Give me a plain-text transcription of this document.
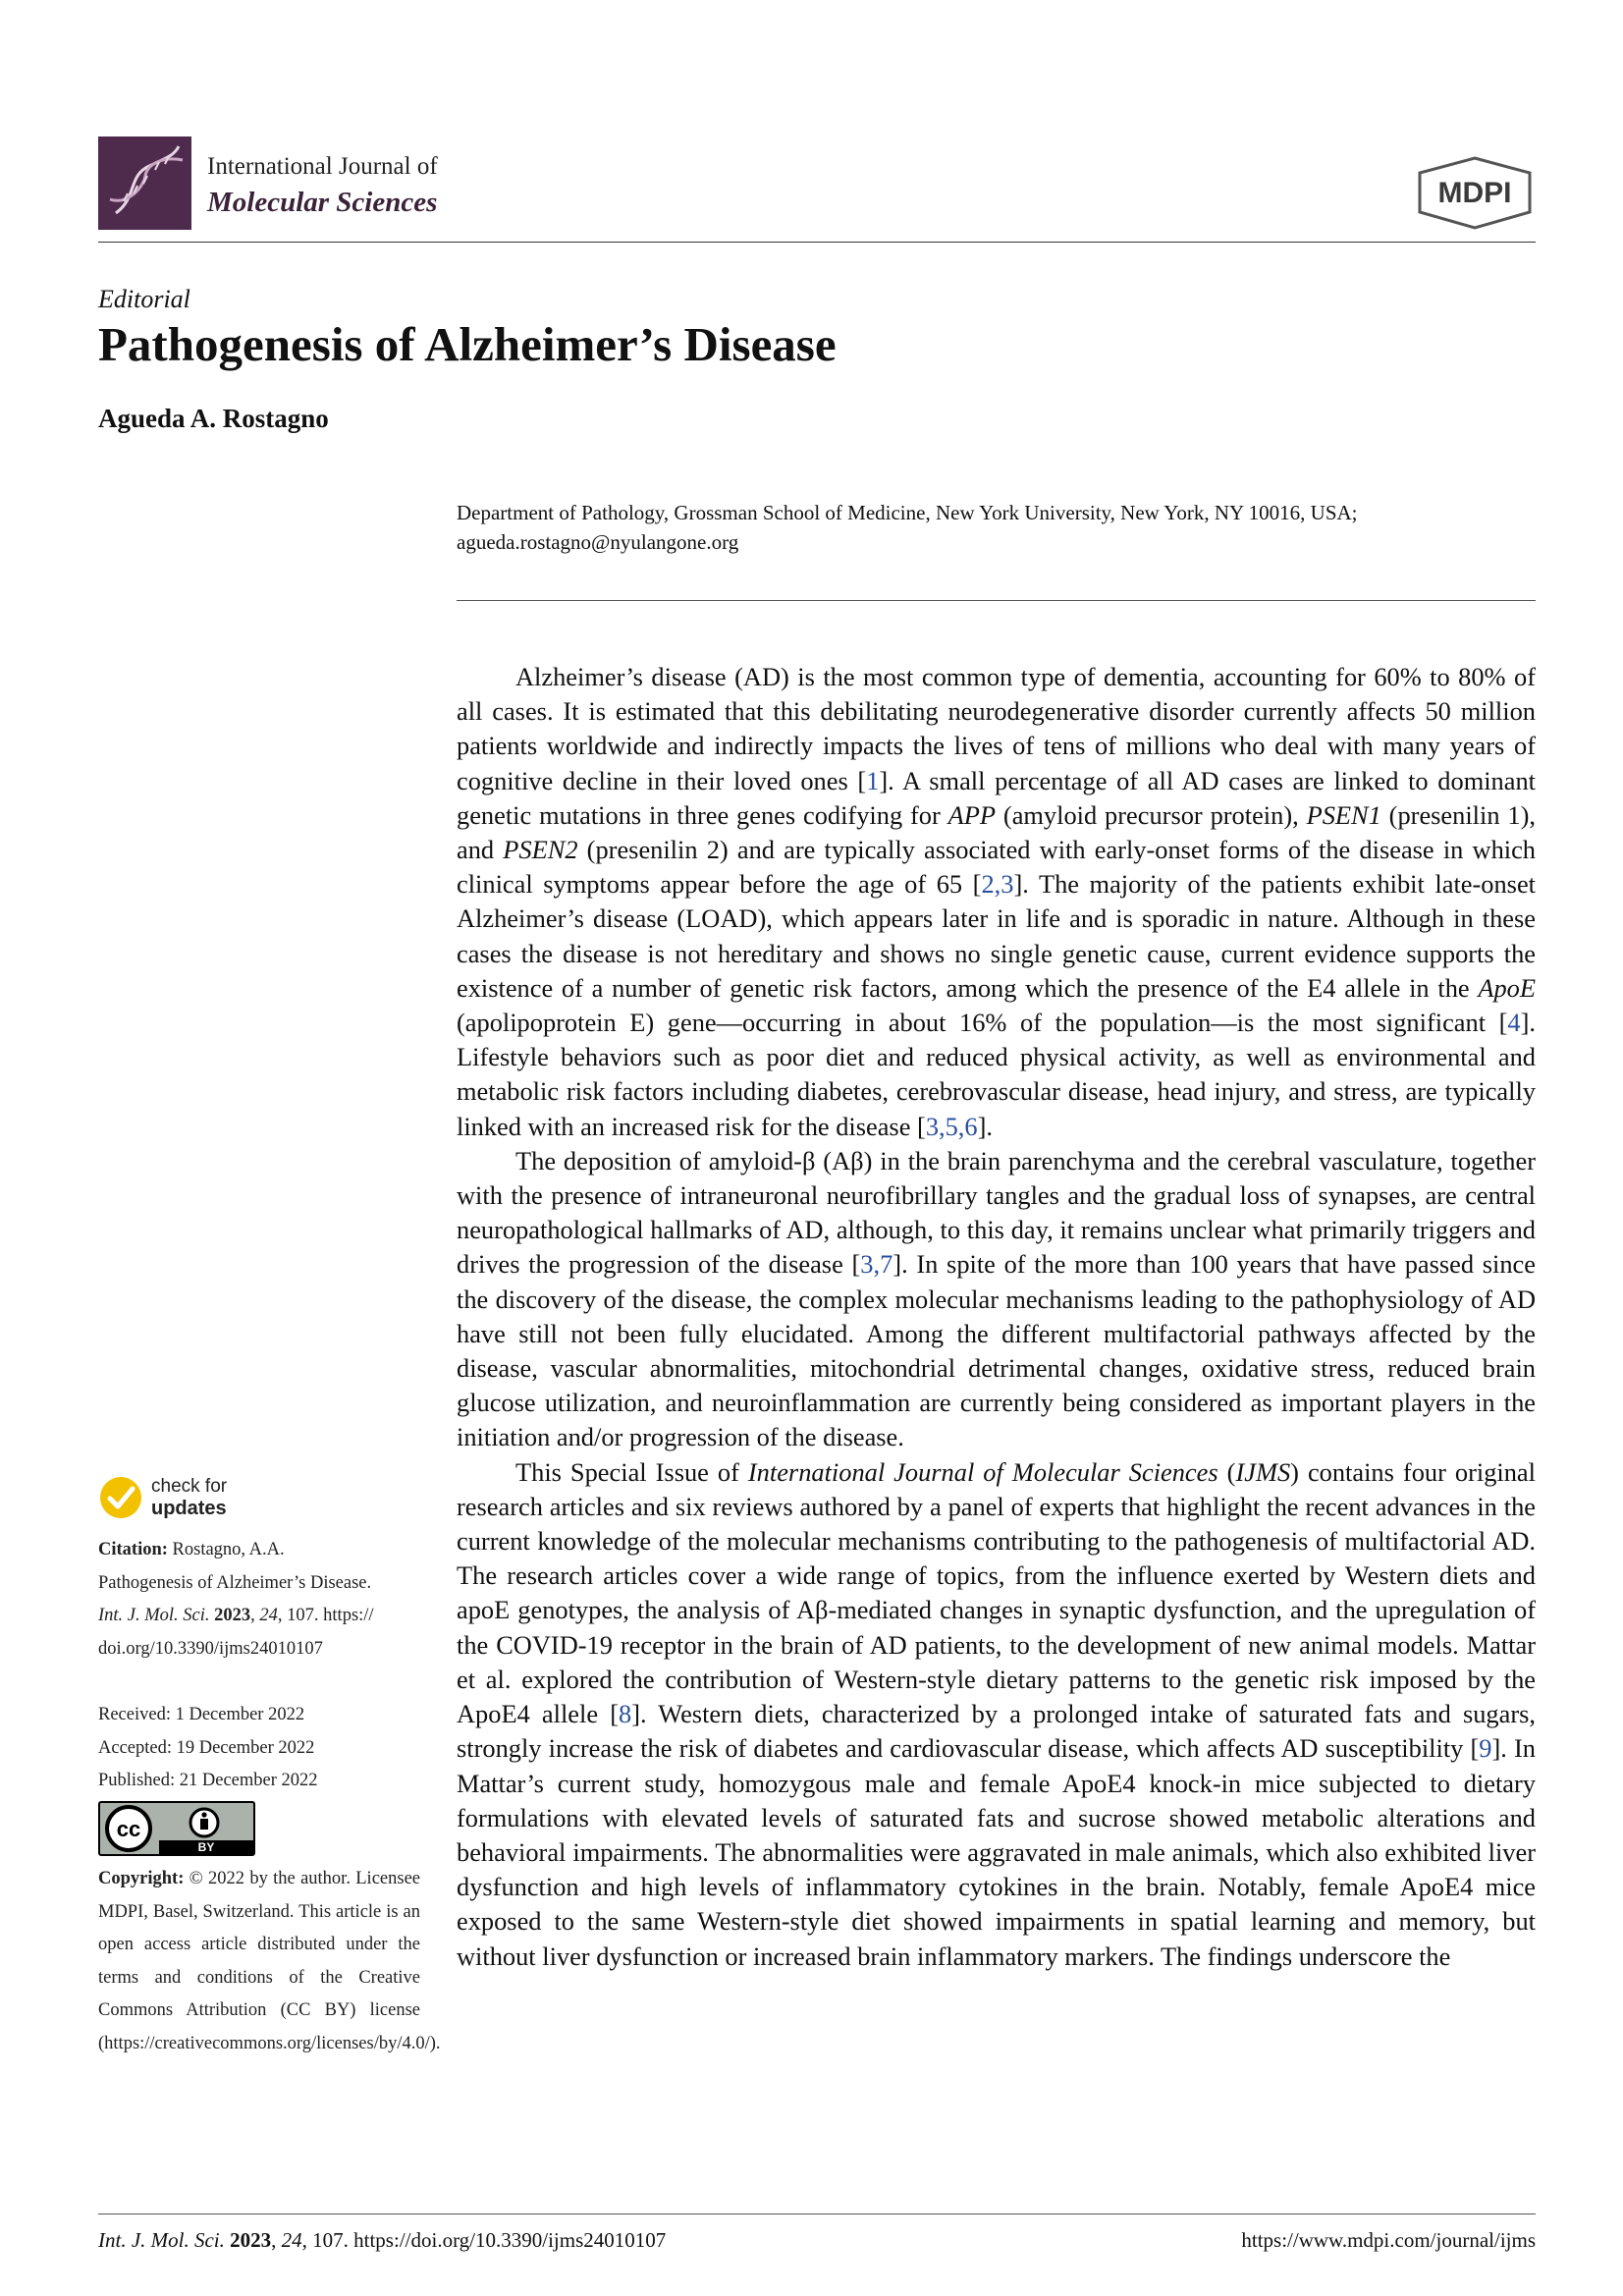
International Journal of
Molecular Sciences	MDPI
Editorial
Pathogenesis of Alzheimer’s Disease
Agueda A. Rostagno
Department of Pathology, Grossman School of Medicine, New York University, New York, NY 10016, USA;
agueda.rostagno@nyulangone.org

Alzheimer’s disease (AD) is the most common type of dementia, accounting for 60% to 80% of all cases. It is estimated that this debilitating neurodegenerative disorder currently affects 50 million patients worldwide and indirectly impacts the lives of tens of millions who deal with many years of cognitive decline in their loved ones [1]. A small percentage of all AD cases are linked to dominant genetic mutations in three genes codifying for APP (amyloid precursor protein), PSEN1 (presenilin 1), and PSEN2 (presenilin 2) and are typically associated with early-onset forms of the disease in which clinical symptoms appear before the age of 65 [2,3]. The majority of the patients exhibit late-onset Alzheimer’s disease (LOAD), which appears later in life and is sporadic in nature. Although in these cases the disease is not hereditary and shows no single genetic cause, current evidence supports the existence of a number of genetic risk factors, among which the presence of the E4 allele in the ApoE (apolipoprotein E) gene—occurring in about 16% of the population—is the most significant [4]. Lifestyle behaviors such as poor diet and reduced physical activity, as well as environmental and metabolic risk factors including diabetes, cerebrovascular disease, head injury, and stress, are typically linked with an increased risk for the disease [3,5,6].

The deposition of amyloid-β (Aβ) in the brain parenchyma and the cerebral vasculature, together with the presence of intraneuronal neurofibrillary tangles and the gradual loss of synapses, are central neuropathological hallmarks of AD, although, to this day, it remains unclear what primarily triggers and drives the progression of the disease [3,7]. In spite of the more than 100 years that have passed since the discovery of the disease, the complex molecular mechanisms leading to the pathophysiology of AD have still not been fully elucidated. Among the different multifactorial pathways affected by the disease, vascular abnormalities, mitochondrial detrimental changes, oxidative stress, reduced brain glucose utilization, and neuroinflammation are currently being considered as important players in the initiation and/or progression of the disease.

This Special Issue of International Journal of Molecular Sciences (IJMS) contains four original research articles and six reviews authored by a panel of experts that highlight the recent advances in the current knowledge of the molecular mechanisms contributing to the pathogenesis of multifactorial AD. The research articles cover a wide range of topics, from the influence exerted by Western diets and apoE genotypes, the analysis of Aβ-mediated changes in synaptic dysfunction, and the upregulation of the COVID-19 receptor in the brain of AD patients, to the development of new animal models. Mattar et al. explored the contribution of Western-style dietary patterns to the genetic risk imposed by the ApoE4 allele [8]. Western diets, characterized by a prolonged intake of saturated fats and sugars, strongly increase the risk of diabetes and cardiovascular disease, which affects AD susceptibility [9]. In Mattar’s current study, homozygous male and female ApoE4 knock-in mice subjected to dietary formulations with elevated levels of saturated fats and sucrose showed metabolic alterations and behavioral impairments. The abnormalities were aggravated in male animals, which also exhibited liver dysfunction and high levels of inflammatory cytokines in the brain. Notably, female ApoE4 mice exposed to the same Western-style diet showed impairments in spatial learning and memory, but without liver dysfunction or increased brain inflammatory markers. The findings underscore the

check for
updates

Citation: Rostagno, A.A.

Pathogenesis of Alzheimer’s Disease.

Int. J. Mol. Sci. 2023, 24, 107. https://

doi.org/10.3390/ijms24010107

Received: 1 December 2022

Accepted: 19 December 2022

Published: 21 December 2022

cc
BY
Copyright: © 2022 by the author. Licensee MDPI, Basel, Switzerland. This article is an open access article distributed under the terms and conditions of the Creative Commons Attribution (CC BY) license (https://creativecommons.org/licenses/by/4.0/).
Int. J. Mol. Sci. 2023, 24, 107. https://doi.org/10.3390/ijms24010107	https://www.mdpi.com/journal/ijms
